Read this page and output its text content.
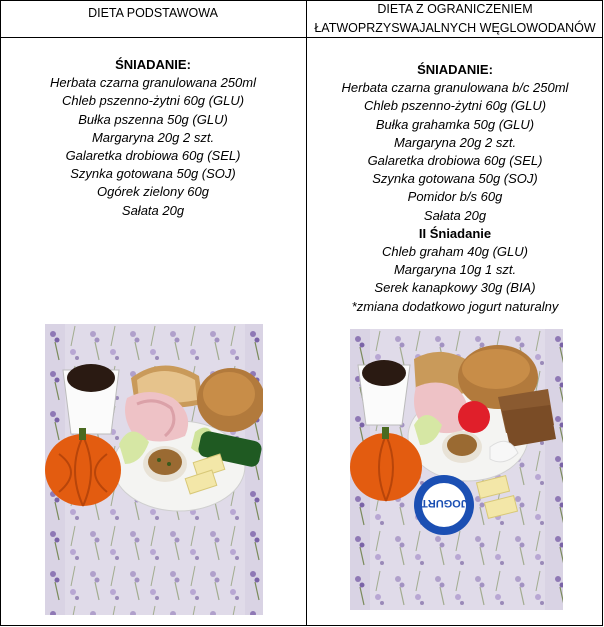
DIETA PODSTAWOWA	DIETA Z OGRANICZENIEM
ŁATWOPRZYSWAJALNYCH WĘGLOWODANÓW
ŚNIADANIE:
Herbata czarna granulowana 250ml
Chleb pszenno-żytni 60g (GLU)
Bułka pszenna 50g (GLU)
Margaryna 20g 2 szt.
Galaretka drobiowa 60g (SEL)
Szynka gotowana 50g (SOJ)
Ogórek zielony 60g
Sałata 20g
ŚNIADANIE:
Herbata czarna granulowana b/c 250ml
Chleb pszenno-żytni 60g (GLU)
Bułka grahamka 50g (GLU)
Margaryna 20g 2 szt.
Galaretka drobiowa 60g (SEL)
Szynka gotowana 50g (SOJ)
Pomidor b/s 60g
Sałata 20g
II Śniadanie
Chleb graham 40g (GLU)
Margaryna 10g 1 szt.
Serek kanapkowy 30g (BIA)
*zmiana dodatkowo jogurt naturalny
JOGURT
